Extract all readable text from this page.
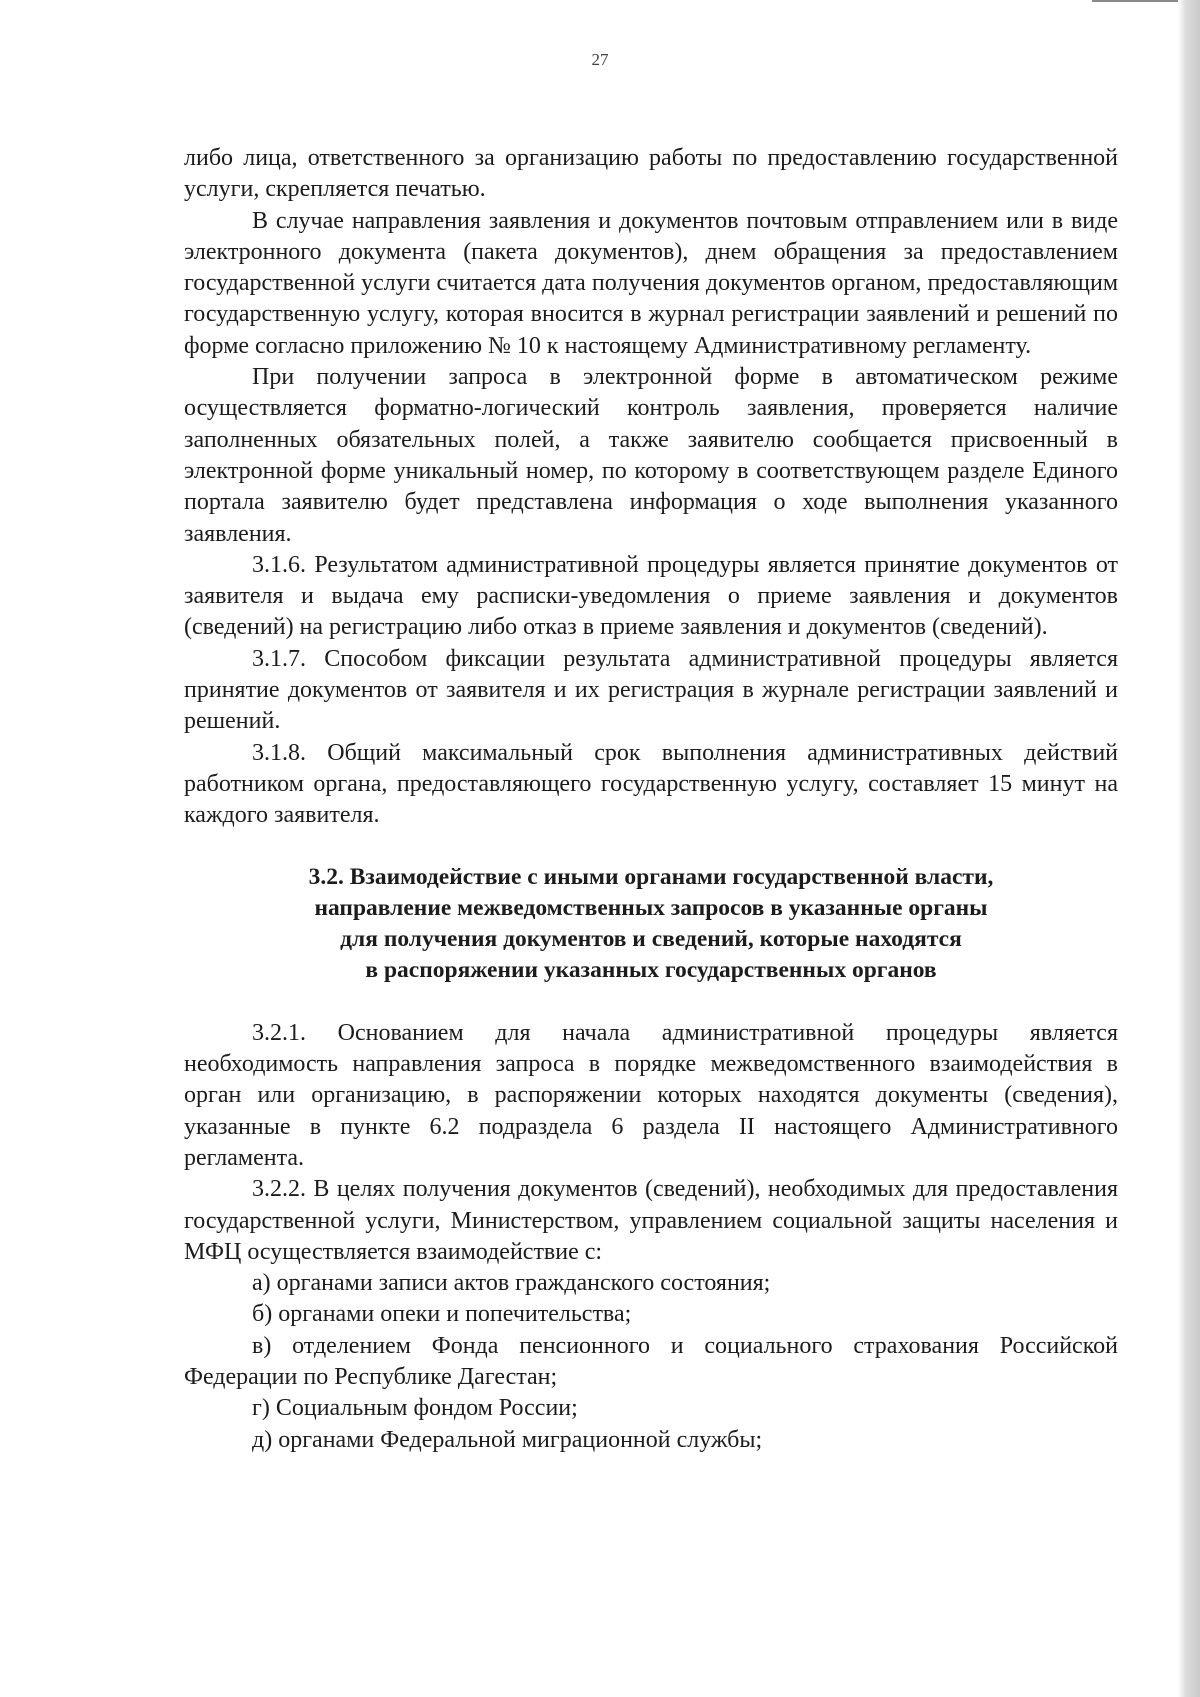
27

либо лица, ответственного за организацию работы по предоставлению государственной услуги, скрепляется печатью.

В случае направления заявления и документов почтовым отправлением или в виде электронного документа (пакета документов), днем обращения за предоставлением государственной услуги считается дата получения документов органом, предоставляющим государственную услугу, которая вносится в журнал регистрации заявлений и решений по форме согласно приложению № 10 к настоящему Административному регламенту.

При получении запроса в электронной форме в автоматическом режиме осуществляется форматно-логический контроль заявления, проверяется наличие заполненных обязательных полей, а также заявителю сообщается присвоенный в электронной форме уникальный номер, по которому в соответствующем разделе Единого портала заявителю будет представлена информация о ходе выполнения указанного заявления.

3.1.6. Результатом административной процедуры является принятие документов от заявителя и выдача ему расписки-уведомления о приеме заявления и документов (сведений) на регистрацию либо отказ в приеме заявления и документов (сведений).

3.1.7. Способом фиксации результата административной процедуры является принятие документов от заявителя и их регистрация в журнале регистрации заявлений и решений.

3.1.8. Общий максимальный срок выполнения административных действий работником органа, предоставляющего государственную услугу, составляет 15 минут на каждого заявителя.

3.2. Взаимодействие с иными органами государственной власти,
направление межведомственных запросов в указанные органы
для получения документов и сведений, которые находятся
в распоряжении указанных государственных органов

3.2.1. Основанием для начала административной процедуры является необходимость направления запроса в порядке межведомственного взаимодействия в орган или организацию, в распоряжении которых находятся документы (сведения), указанные в пункте 6.2 подраздела 6 раздела II настоящего Административного регламента.

3.2.2. В целях получения документов (сведений), необходимых для предоставления государственной услуги, Министерством, управлением социальной защиты населения и МФЦ осуществляется взаимодействие с:

а) органами записи актов гражданского состояния;

б) органами опеки и попечительства;

в) отделением Фонда пенсионного и социального страхования Российской Федерации по Республике Дагестан;

г) Социальным фондом России;

д) органами Федеральной миграционной службы;
